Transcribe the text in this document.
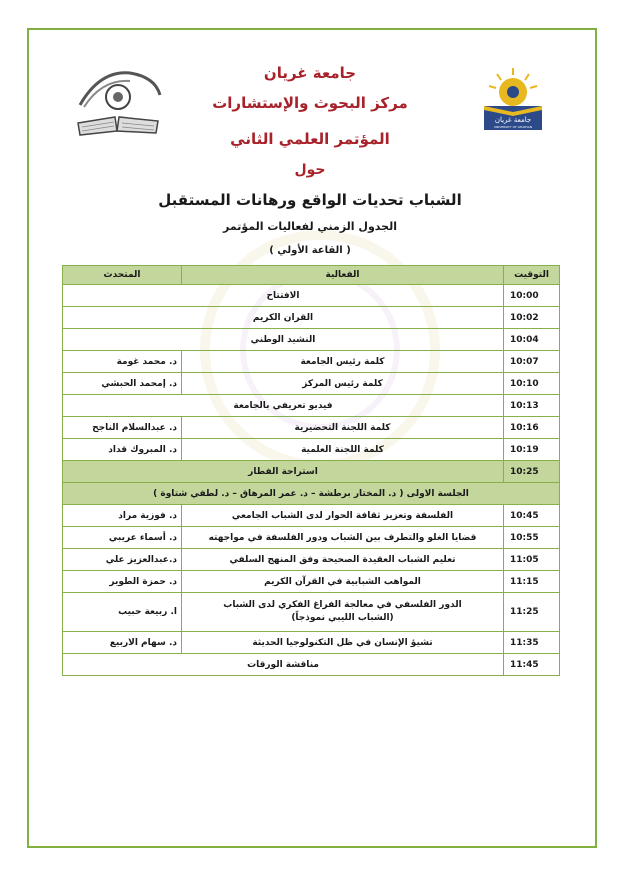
جامعة غريان
UNIVERSITY OF GHARYAN
جامعة غريان
مركز البحوث والإستشارات
المؤتمر العلمي الثاني
حول
الشباب تحديات الواقع ورهانات المستقبل
الجدول الزمني لفعاليات المؤتمر
( القاعة الأولي )
التوقيت	الفعالية	المتحدث
10:00	الافتتاح	
10:02	القران الكريم	
10:04	النشيد الوطني	
10:07	كلمة رئيس الجامعة	د. محمد غومة
10:10	كلمة رئيس المركز	د. إمحمد الحبشي
10:13	فيديو تعريفي بالجامعة	
10:16	كلمة اللجنة التحضيرية	د. عبدالسلام الناجح
10:19	كلمة اللجنة العلمية	د. المبروك قداد
10:25	استراحة الفطار	
الجلسة الاولى ( د. المختار برطشة – د. عمر المرهاق – د. لطفي شتاوة )		
10:45	الفلسفة وتعزيز ثقافة الحوار لدى الشباب الجامعي	د. فوزية مراد
10:55	قضايا الغلو والتطرف بين الشباب ودور الفلسفة في مواجهته	د. أسماء عريبي
11:05	تعليم الشباب العقيدة الصحيحة وفق المنهج السلفي	د.عبدالعزيز علي
11:15	المواهب الشبابية في القرآن الكريم	د. حمزة الطوير
11:25	الدور الفلسفي في معالجة الفراغ الفكري لدى الشباب
(الشباب الليبي نموذجاً)	ا. ربيعة حبيب
11:35	تشيؤ الإنسان في ظل التكنولوجيا الحديثة	د. سهام الاربيع
11:45	مناقشة الورقات	
